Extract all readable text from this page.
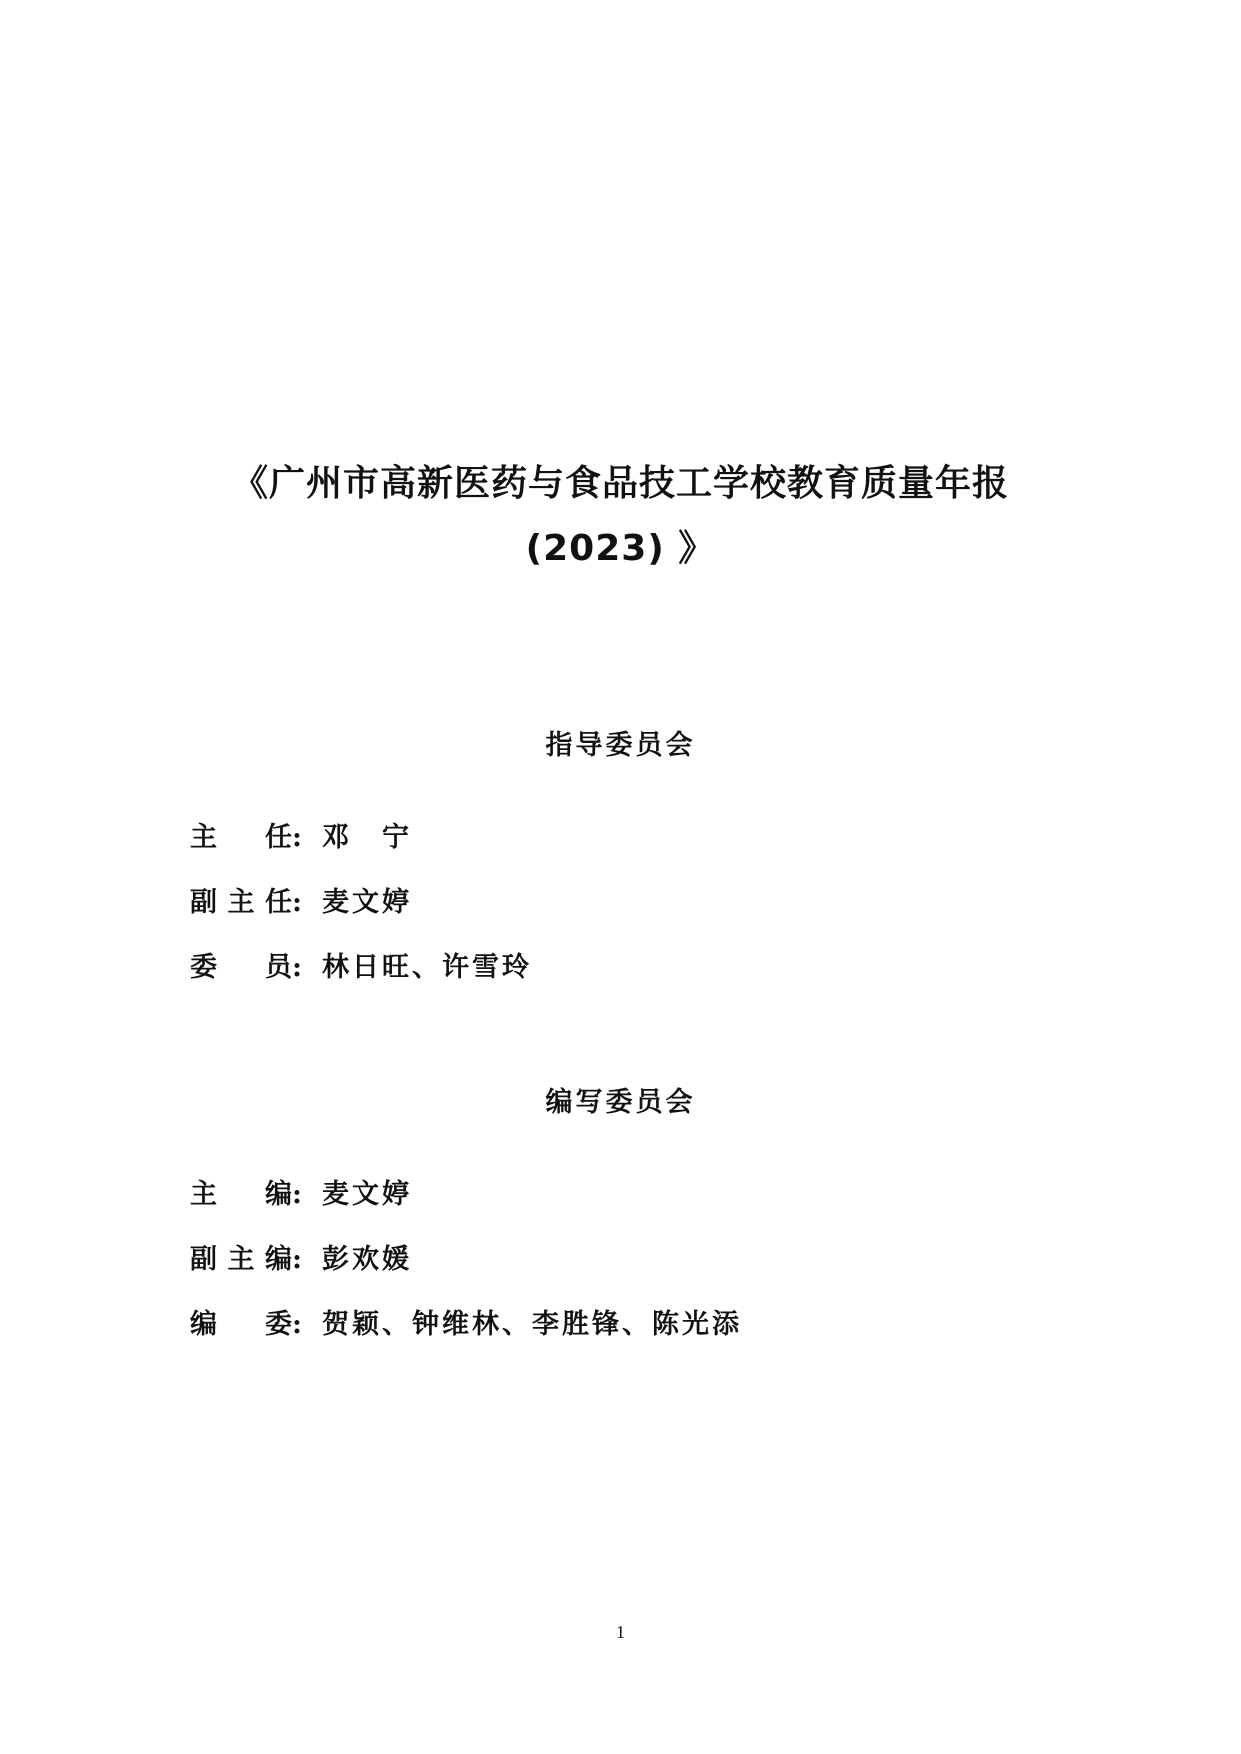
《广州市高新医药与食品技工学校教育质量年报
(2023) 》
指导委员会
主任: 邓　宁
副主任: 麦文婷
委员: 林日旺、许雪玲
编写委员会
主编: 麦文婷
副主编: 彭欢媛
编委: 贺颖、钟维林、李胜锋、陈光添
1
